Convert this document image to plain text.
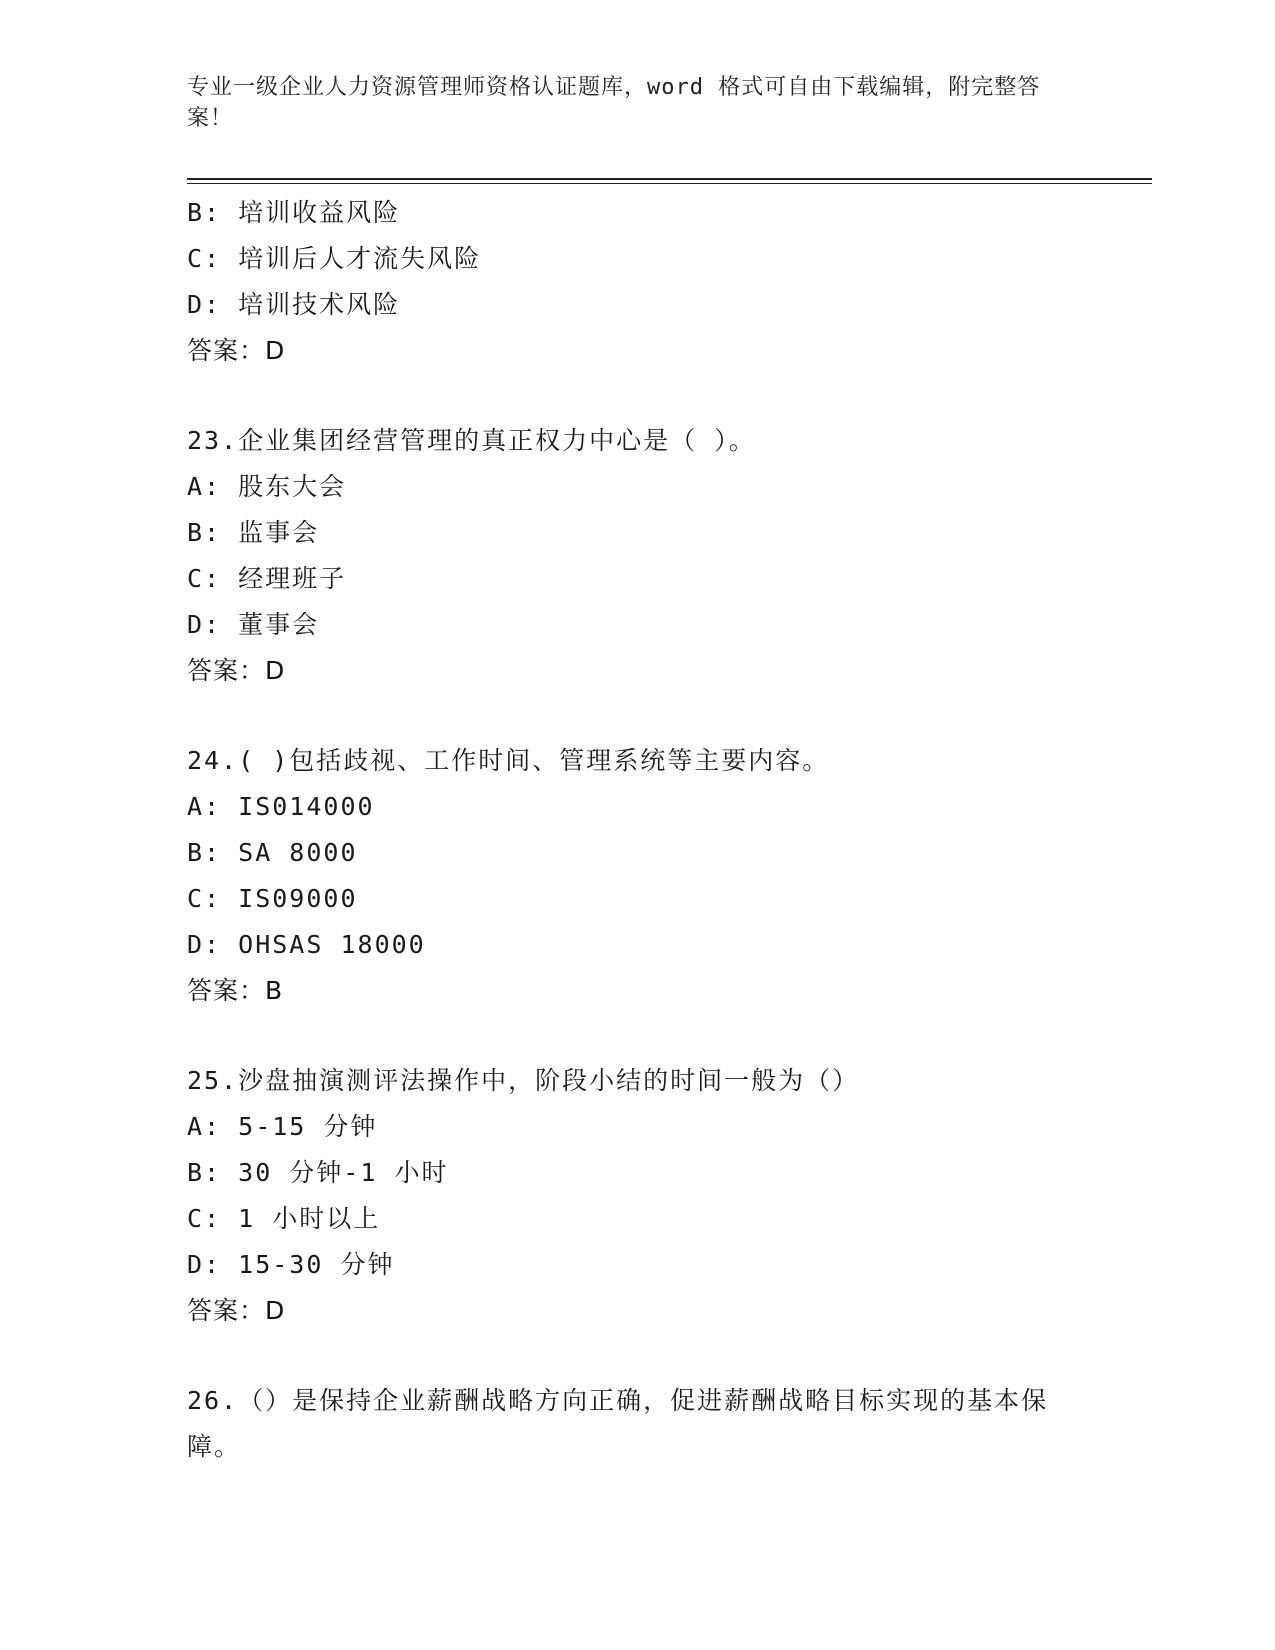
专业一级企业人力资源管理师资格认证题库，word 格式可自由下载编辑，附完整答案！
B: 培训收益风险
C: 培训后人才流失风险
D: 培训技术风险
答案：D
23.企业集团经营管理的真正权力中心是（ ）。
A: 股东大会
B: 监事会
C: 经理班子
D: 董事会
答案：D
24.( )包括歧视、工作时间、管理系统等主要内容。
A: IS014000
B: SA 8000
C: IS09000
D: OHSAS 18000
答案：B
25.沙盘抽演测评法操作中，阶段小结的时间一般为（）
A: 5-15 分钟
B: 30 分钟-1 小时
C: 1 小时以上
D: 15-30 分钟
答案：D
26.（）是保持企业薪酬战略方向正确，促进薪酬战略目标实现的基本保障。
